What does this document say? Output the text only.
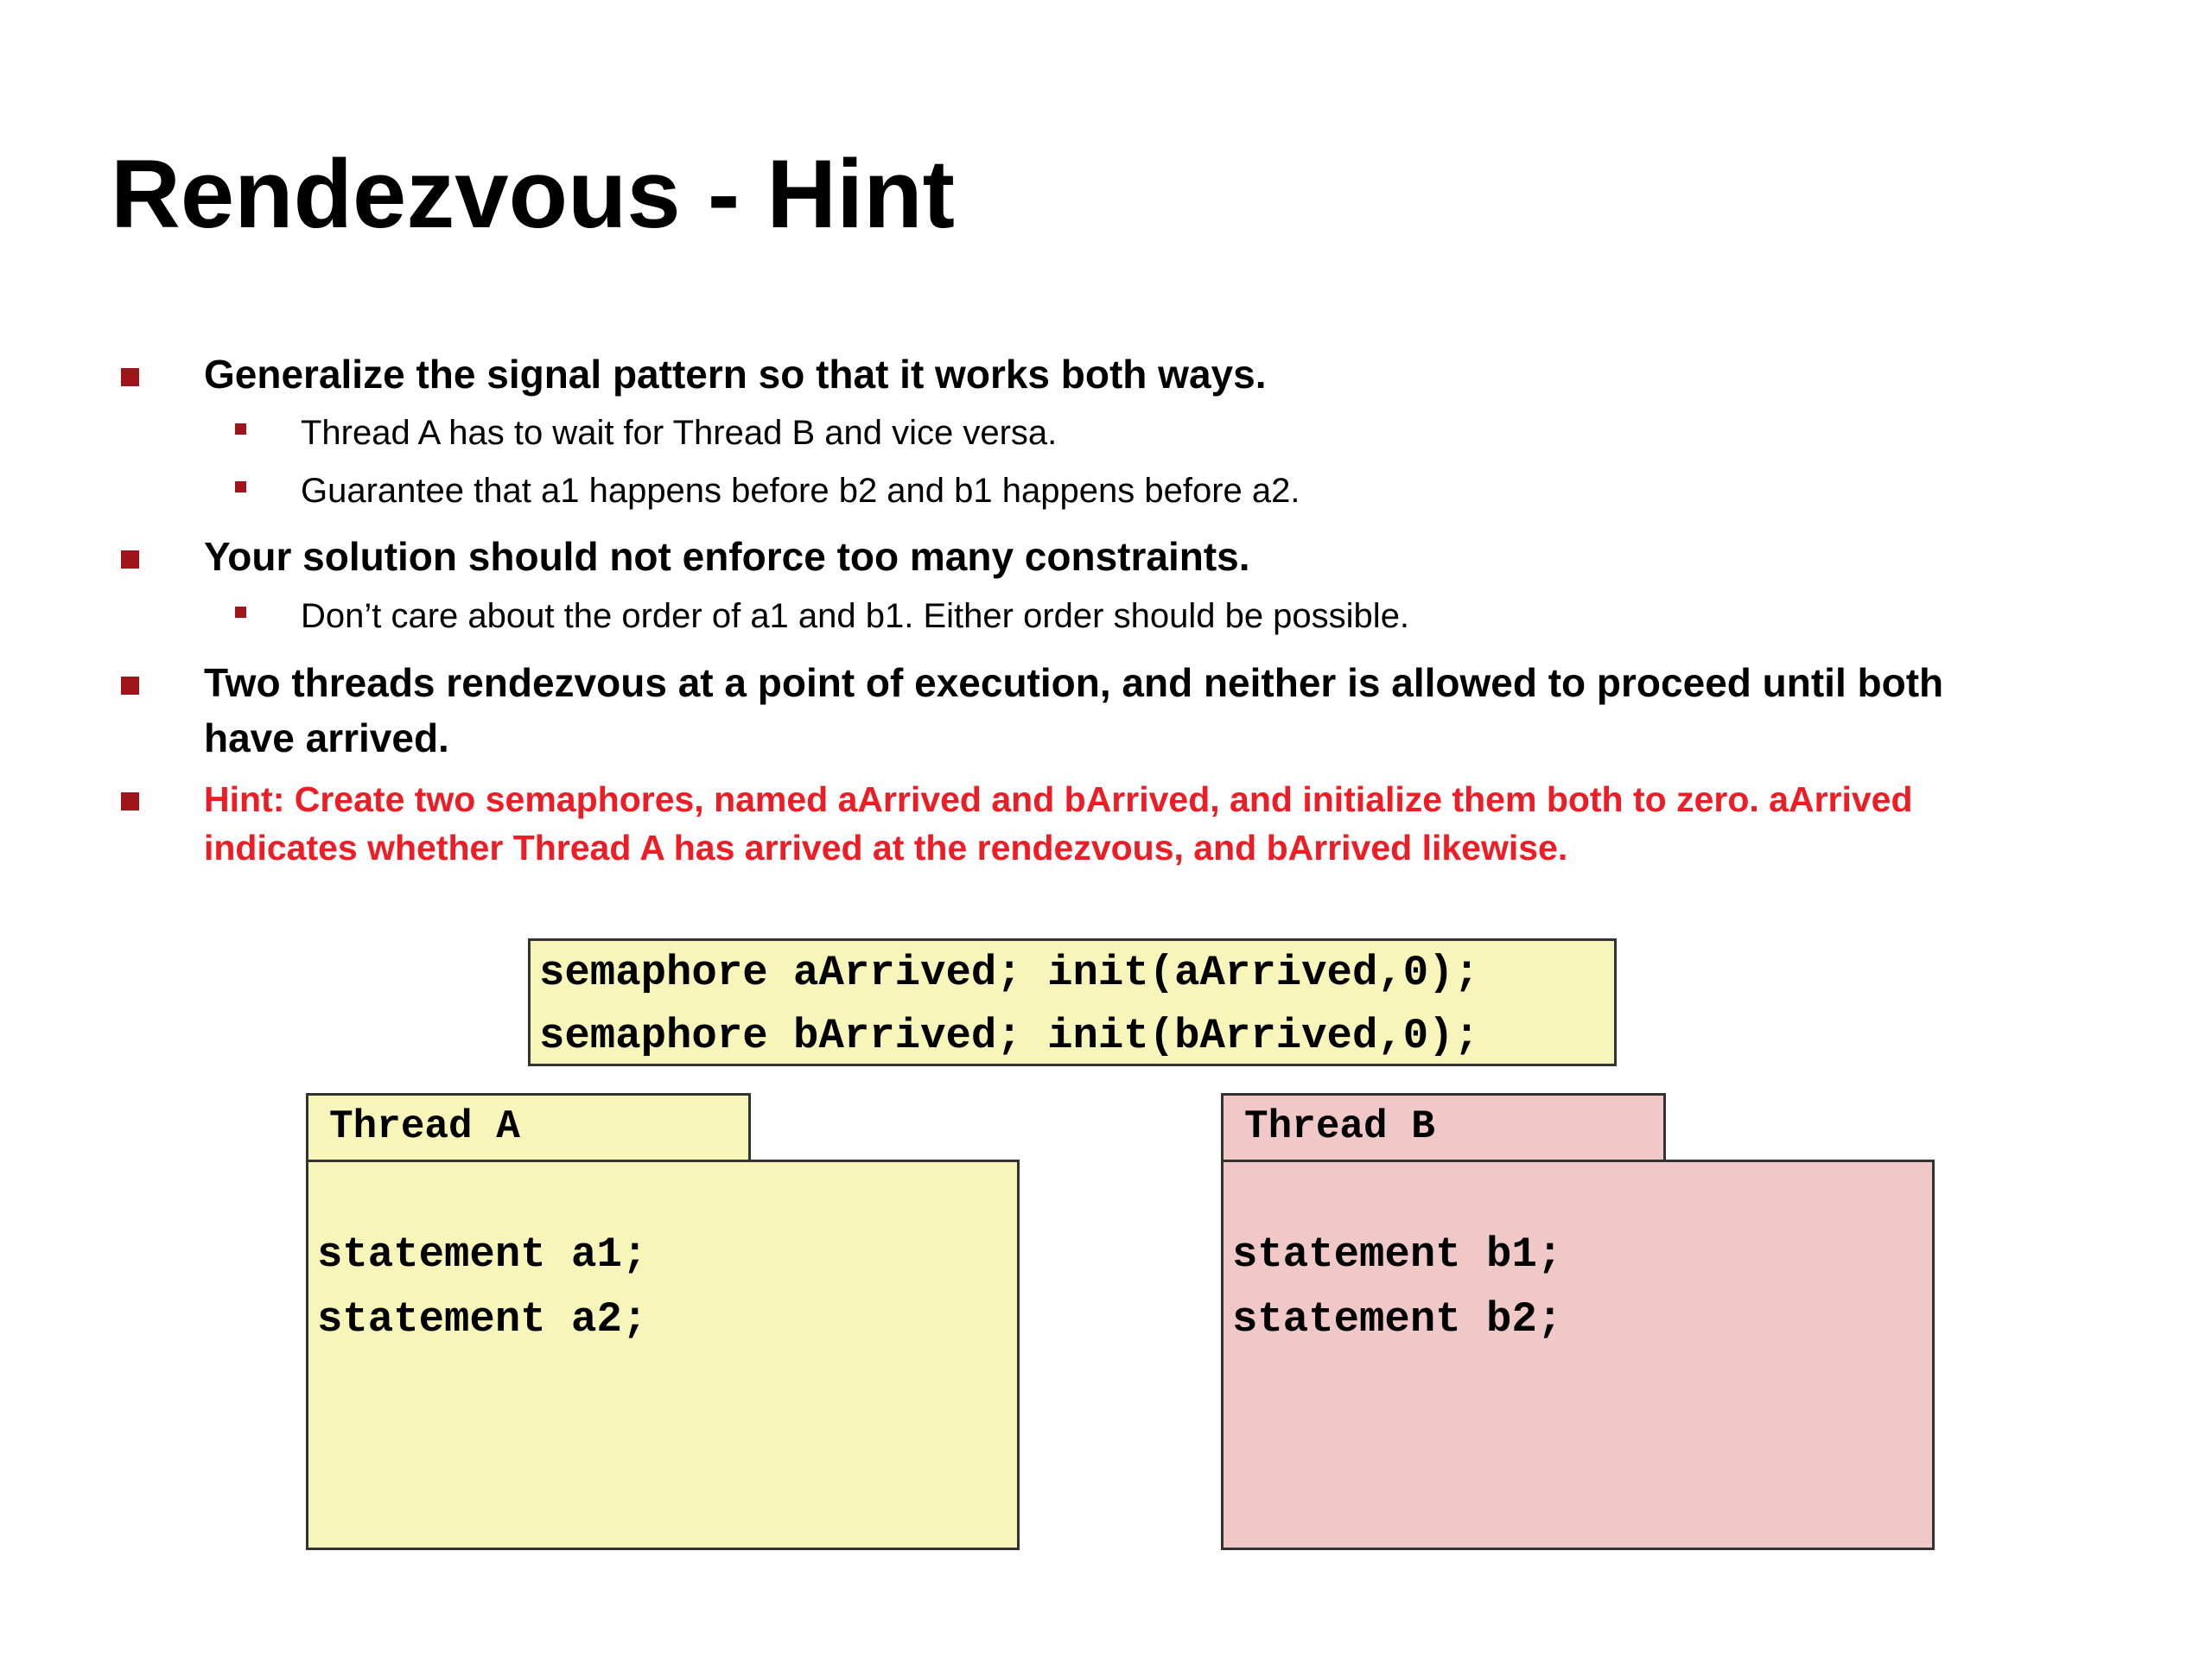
Rendezvous - Hint
Generalize the signal pattern so that it works both ways.
Thread A has to wait for Thread B and vice versa.
Guarantee that a1 happens before b2 and b1 happens before a2.
Your solution should not enforce too many constraints.
Don’t care about the order of a1 and b1. Either order should be possible.
Two threads rendezvous at a point of execution, and neither is allowed to proceed until both
have arrived.
Hint: Create two semaphores, named aArrived and bArrived, and initialize them both to zero. aArrived
indicates whether Thread A has arrived at the rendezvous, and bArrived likewise.

semaphore aArrived; init(aArrived,0);

semaphore bArrived; init(bArrived,0);

Thread A

statement a1;

statement a2;

Thread B

statement b1;

statement b2;
